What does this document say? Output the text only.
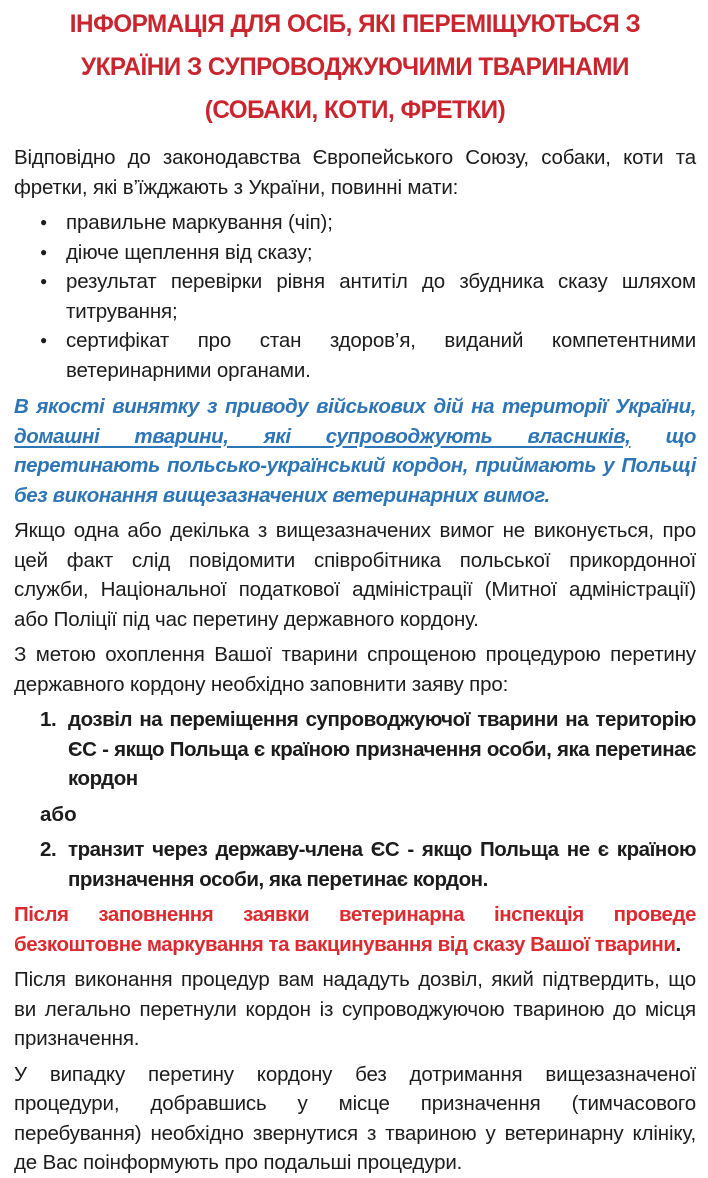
ІНФОРМАЦІЯ ДЛЯ ОСІБ, ЯКІ ПЕРЕМІЩУЮТЬСЯ З
УКРАЇНИ З СУПРОВОДЖУЮЧИМИ ТВАРИНАМИ
(СОБАКИ, КОТИ, ФРЕТКИ)

Відповідно до законодавства Європейського Союзу, собаки, коти та фретки, які в’їжджають з України, повинні мати:

● правильне маркування (чіп);
● діюче щеплення від сказу;
● результат перевірки рівня антитіл до збудника сказу шляхом титрування;
● сертифікат про стан здоров’я, виданий компетентними ветеринарними органами.

В якості винятку з приводу військових дій на території України, домашні тварини, які супроводжують власників, що перетинають польсько-український кордон, приймають у Польщі без виконання вищезазначених ветеринарних вимог.

Якщо одна або декілька з вищезазначених вимог не виконується, про цей факт слід повідомити співробітника польської прикордонної служби, Національної податкової адміністрації (Митної адміністрації) або Поліції під час перетину державного кордону.

З метою охоплення Вашої тварини спрощеною процедурою перетину державного кордону необхідно заповнити заяву про:

1. дозвіл на переміщення супроводжуючої тварини на територію ЄС - якщо Польща є країною призначення особи, яка перетинає кордон

або

2. транзит через державу-члена ЄС - якщо Польща не є країною призначення особи, яка перетинає кордон.

Після заповнення заявки ветеринарна інспекція проведе безкоштовне маркування та вакцинування від сказу Вашої тварини.

Після виконання процедур вам нададуть дозвіл, який підтвердить, що ви легально перетнули кордон із супроводжуючою твариною до місця призначення.

У випадку перетину кордону без дотримання вищезазначеної процедури, добравшись у місце призначення (тимчасового перебування) необхідно звернутися з твариною у ветеринарну клініку, де Вас поінформують про подальші процедури.
